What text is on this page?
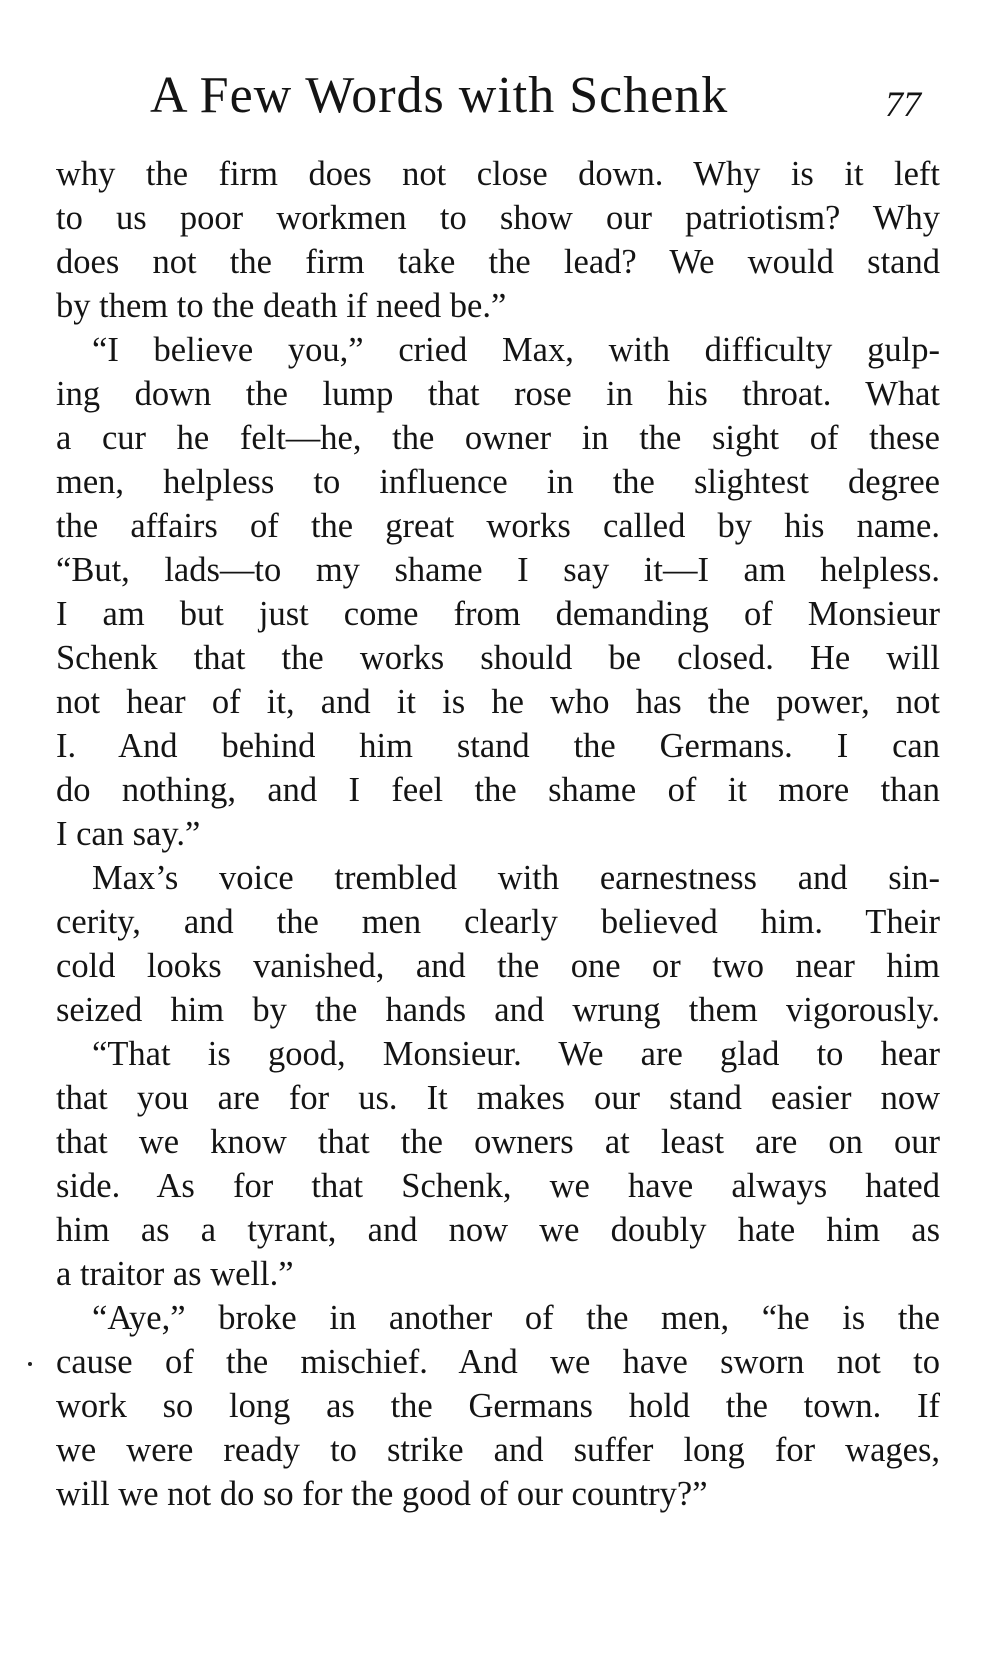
A Few Words with Schenk	77
why the firm does not close down. Why is it left
to us poor workmen to show our patriotism? Why
does not the firm take the lead? We would stand
by them to the death if need be.”
“I believe you,” cried Max, with difficulty gulp-
ing down the lump that rose in his throat. What
a cur he felt—he, the owner in the sight of these
men, helpless to influence in the slightest degree
the affairs of the great works called by his name.
“But, lads—to my shame I say it—I am helpless.
I am but just come from demanding of Monsieur
Schenk that the works should be closed. He will
not hear of it, and it is he who has the power, not
I. And behind him stand the Germans. I can
do nothing, and I feel the shame of it more than
I can say.”
Max’s voice trembled with earnestness and sin-
cerity, and the men clearly believed him. Their
cold looks vanished, and the one or two near him
seized him by the hands and wrung them vigorously.
“That is good, Monsieur. We are glad to hear
that you are for us. It makes our stand easier now
that we know that the owners at least are on our
side. As for that Schenk, we have always hated
him as a tyrant, and now we doubly hate him as
a traitor as well.”
“Aye,” broke in another of the men, “he is the
cause of the mischief. And we have sworn not to
work so long as the Germans hold the town. If
we were ready to strike and suffer long for wages,
will we not do so for the good of our country?”
